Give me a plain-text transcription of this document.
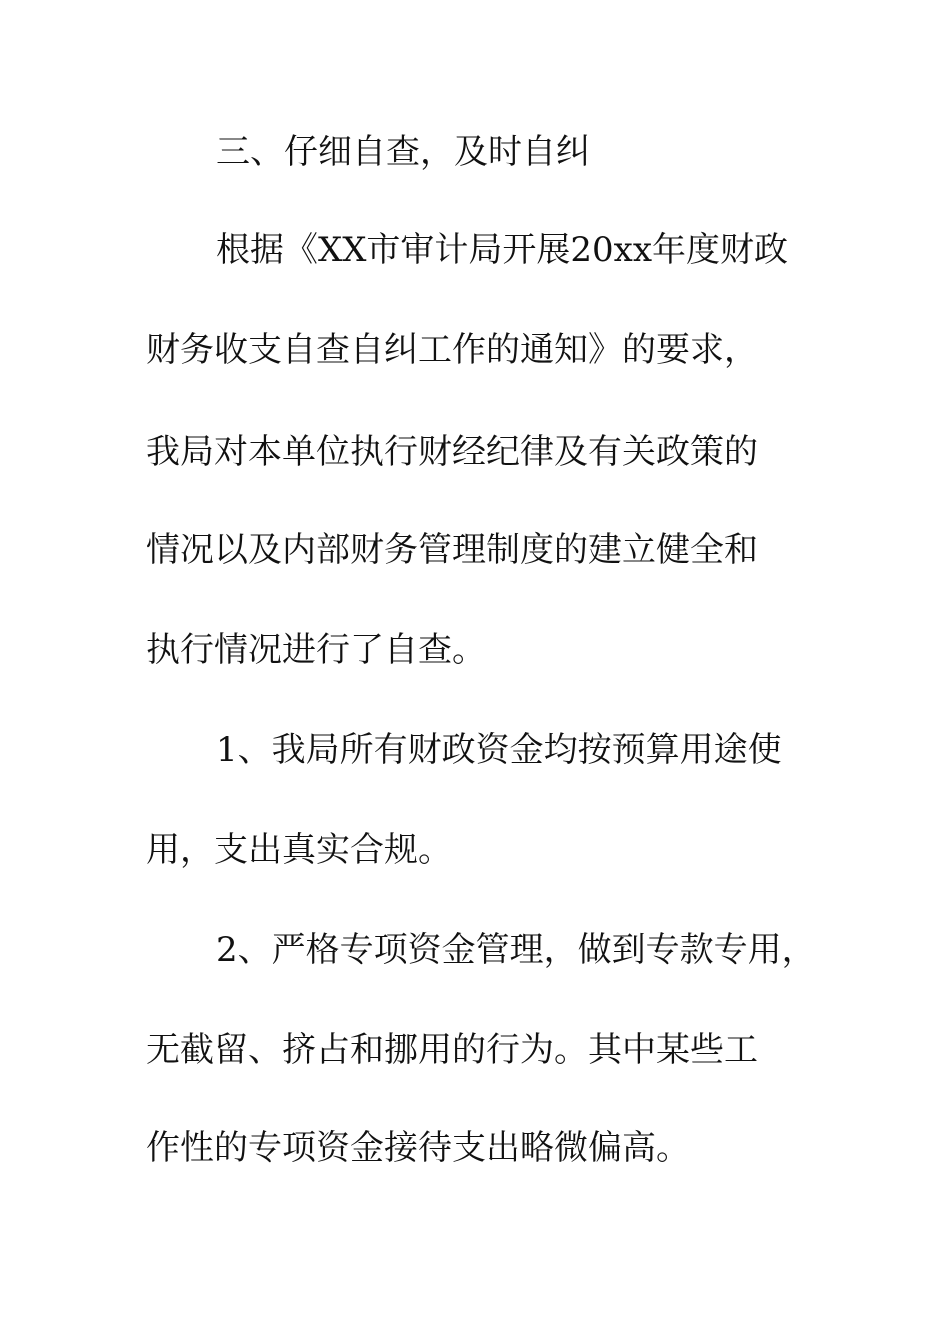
三、仔细自查，及时自纠
根据《XX市审计局开展20xx年度财政
财务收支自查自纠工作的通知》的要求，
我局对本单位执行财经纪律及有关政策的
情况以及内部财务管理制度的建立健全和
执行情况进行了自查。
1、我局所有财政资金均按预算用途使
用，支出真实合规。
2、严格专项资金管理，做到专款专用，
无截留、挤占和挪用的行为。其中某些工
作性的专项资金接待支出略微偏高。
